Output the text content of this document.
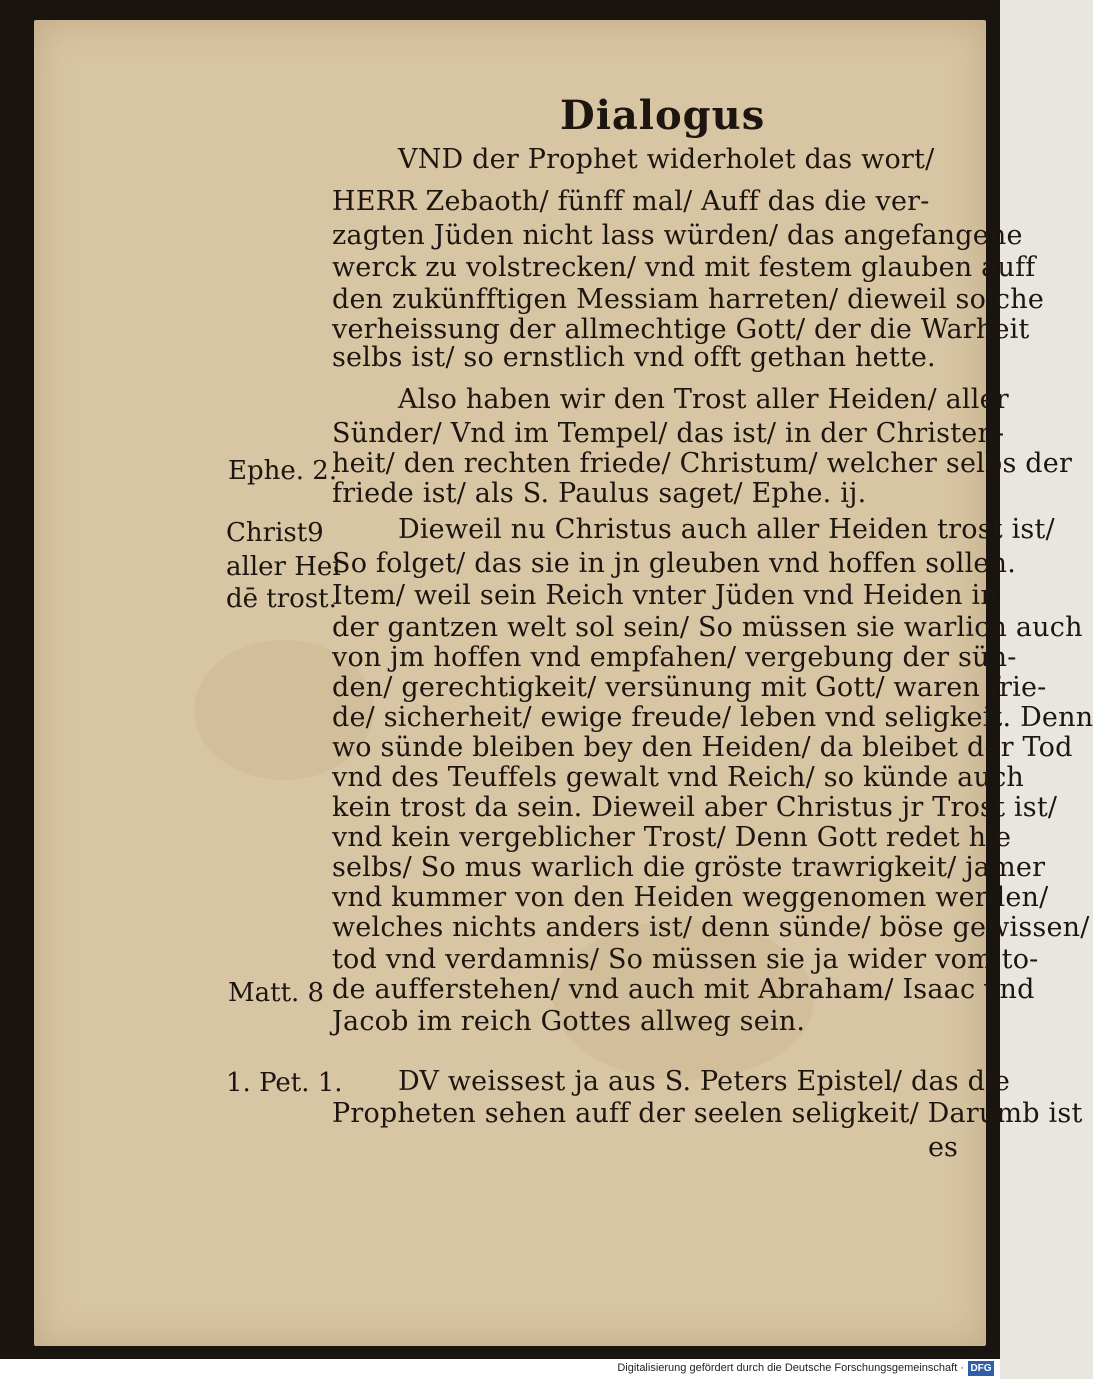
Dialogus
VND der Prophet widerholet das wort/
HERR Zebaoth/ fünff mal/ Auff das die ver-
zagten Jüden nicht lass würden/ das angefangene
werck zu volstrecken/ vnd mit festem glauben auff
den zukünfftigen Messiam harreten/ dieweil solche
verheissung der allmechtige Gott/ der die Warheit
selbs ist/ so ernstlich vnd offt gethan hette.
Also haben wir den Trost aller Heiden/ aller
Sünder/ Vnd im Tempel/ das ist/ in der Christen-
heit/ den rechten friede/ Christum/ welcher selbs der
friede ist/ als S. Paulus saget/ Ephe. ij.
Dieweil nu Christus auch aller Heiden trost ist/
So folget/ das sie in jn gleuben vnd hoffen sollen.
Item/ weil sein Reich vnter Jüden vnd Heiden in
der gantzen welt sol sein/ So müssen sie warlich auch
von jm hoffen vnd empfahen/ vergebung der sün-
den/ gerechtigkeit/ versünung mit Gott/ waren frie-
de/ sicherheit/ ewige freude/ leben vnd seligkeit. Denn
wo sünde bleiben bey den Heiden/ da bleibet der Tod
vnd des Teuffels gewalt vnd Reich/ so künde auch
kein trost da sein. Dieweil aber Christus jr Trost ist/
vnd kein vergeblicher Trost/ Denn Gott redet hie
selbs/ So mus warlich die gröste trawrigkeit/ jamer
vnd kummer von den Heiden weggenomen werden/
welches nichts anders ist/ denn sünde/ böse gewissen/
tod vnd verdamnis/ So müssen sie ja wider vom to-
de aufferstehen/ vnd auch mit Abraham/ Isaac vnd
Jacob im reich Gottes allweg sein.
DV weissest ja aus S. Peters Epistel/ das die
Propheten sehen auff der seelen seligkeit/ Darumb ist
es
Ephe. 2.
Christ9
aller Hei
dē trost.
Matt. 8
1. Pet. 1.
Digitalisierung gefördert durch die Deutsche Forschungsgemeinschaft · DFG
